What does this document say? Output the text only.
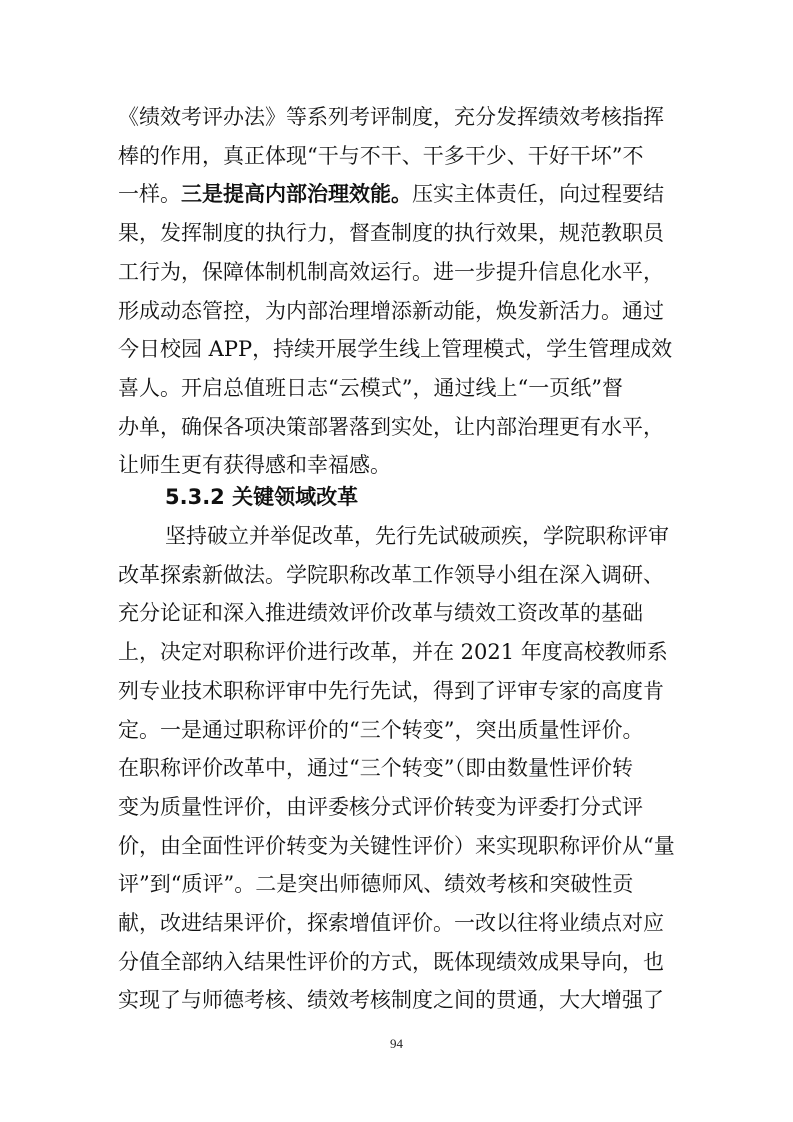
《绩效考评办法》等系列考评制度，充分发挥绩效考核指挥
棒的作用，真正体现“干与不干、干多干少、干好干坏”不
一样。三是提高内部治理效能。压实主体责任，向过程要结
果，发挥制度的执行力，督查制度的执行效果，规范教职员
工行为，保障体制机制高效运行。进一步提升信息化水平，
形成动态管控，为内部治理增添新动能，焕发新活力。通过
今日校园 APP，持续开展学生线上管理模式，学生管理成效
喜人。开启总值班日志“云模式”，通过线上“一页纸”督
办单，确保各项决策部署落到实处，让内部治理更有水平，
让师生更有获得感和幸福感。
5.3.2 关键领域改革
坚持破立并举促改革，先行先试破顽疾，学院职称评审
改革探索新做法。学院职称改革工作领导小组在深入调研、
充分论证和深入推进绩效评价改革与绩效工资改革的基础
上，决定对职称评价进行改革，并在 2021 年度高校教师系
列专业技术职称评审中先行先试，得到了评审专家的高度肯
定。一是通过职称评价的“三个转变”，突出质量性评价。
在职称评价改革中，通过“三个转变”（即由数量性评价转
变为质量性评价，由评委核分式评价转变为评委打分式评
价，由全面性评价转变为关键性评价）来实现职称评价从“量
评”到“质评”。二是突出师德师风、绩效考核和突破性贡
献，改进结果评价，探索增值评价。一改以往将业绩点对应
分值全部纳入结果性评价的方式，既体现绩效成果导向，也
实现了与师德考核、绩效考核制度之间的贯通，大大增强了
94
